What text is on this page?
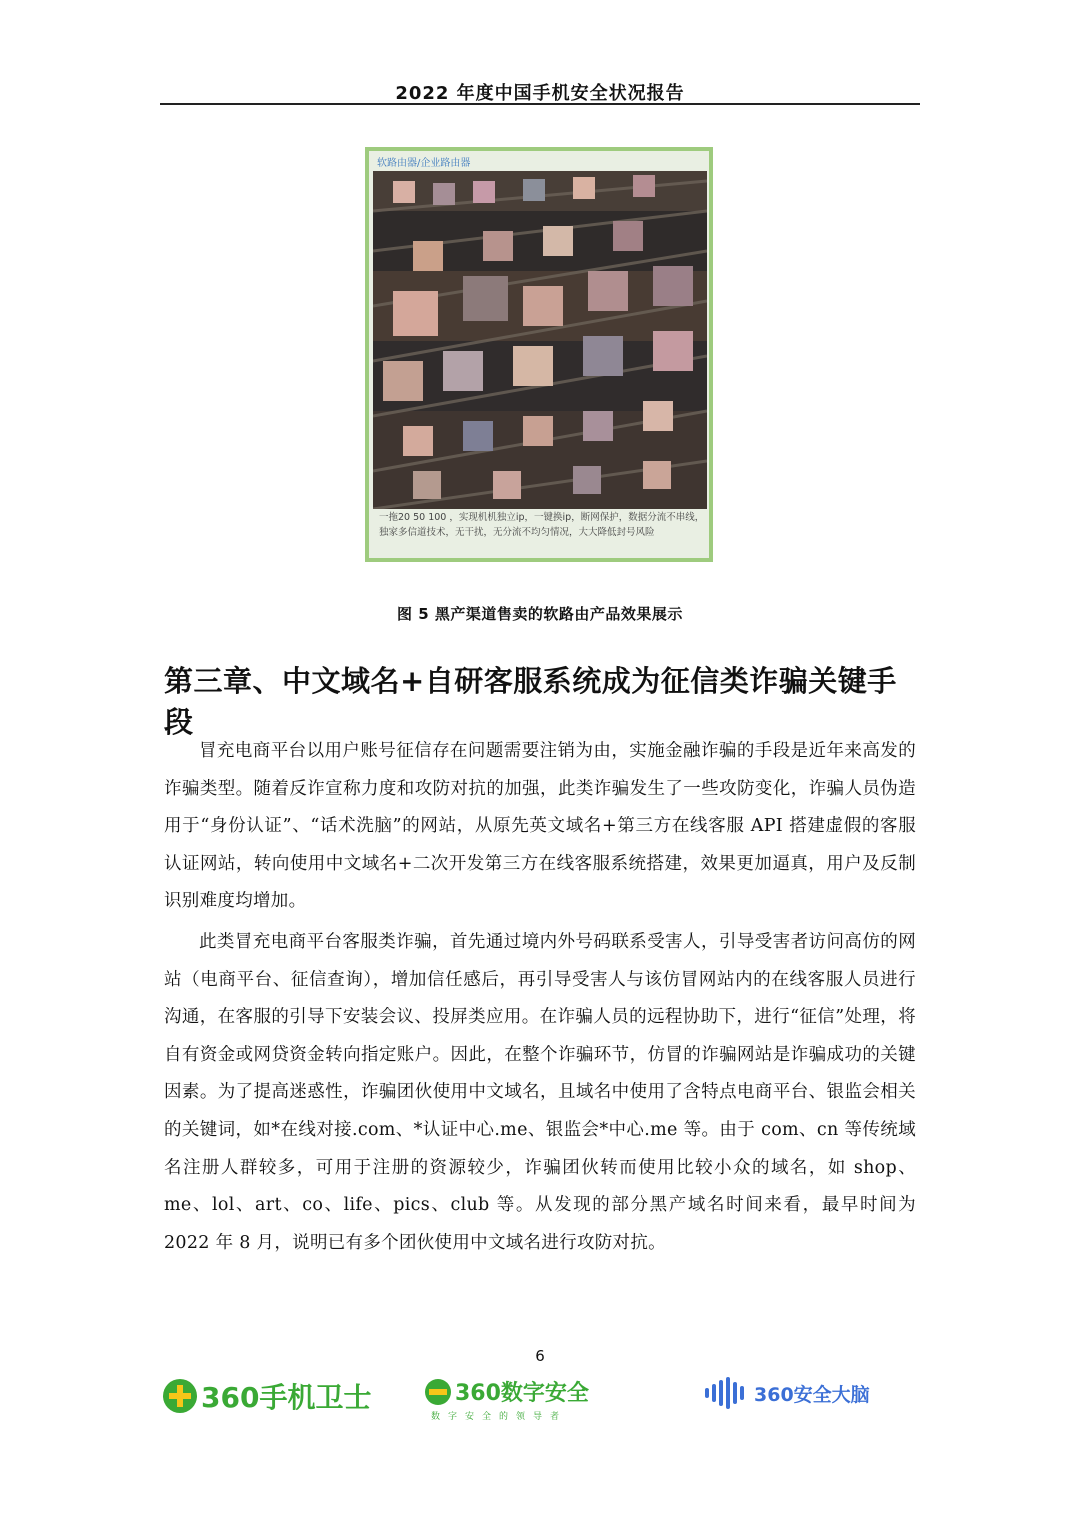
2022 年度中国手机安全状况报告
软路由器/企业路由器
一拖20 50 100 ，实现机机独立ip，一键换ip，断网保护，数据分流不串线，独家多信道技术，无干扰，无分流不均匀情况，大大降低封号风险
图 5 黑产渠道售卖的软路由产品效果展示
第三章、中文域名+自研客服系统成为征信类诈骗关键手段

冒充电商平台以用户账号征信存在问题需要注销为由，实施金融诈骗的手段是近年来高发的诈骗类型。随着反诈宣称力度和攻防对抗的加强，此类诈骗发生了一些攻防变化，诈骗人员伪造用于“身份认证”、“话术洗脑”的网站，从原先英文域名+第三方在线客服 API 搭建虚假的客服认证网站，转向使用中文域名+二次开发第三方在线客服系统搭建，效果更加逼真，用户及反制识别难度均增加。

此类冒充电商平台客服类诈骗，首先通过境内外号码联系受害人，引导受害者访问高仿的网站（电商平台、征信查询），增加信任感后，再引导受害人与该仿冒网站内的在线客服人员进行沟通，在客服的引导下安装会议、投屏类应用。在诈骗人员的远程协助下，进行“征信”处理，将自有资金或网贷资金转向指定账户。因此，在整个诈骗环节，仿冒的诈骗网站是诈骗成功的关键因素。为了提高迷惑性，诈骗团伙使用中文域名，且域名中使用了含特点电商平台、银监会相关的关键词，如*在线对接.com、*认证中心.me、银监会*中心.me 等。由于 com、cn 等传统域名注册人群较多，可用于注册的资源较少，诈骗团伙转而使用比较小众的域名，如 shop、me、lol、art、co、life、pics、club 等。从发现的部分黑产域名时间来看，最早时间为 2022 年 8 月，说明已有多个团伙使用中文域名进行攻防对抗。

6
360手机卫士	360数字安全
数字安全的领导者
360安全大脑
